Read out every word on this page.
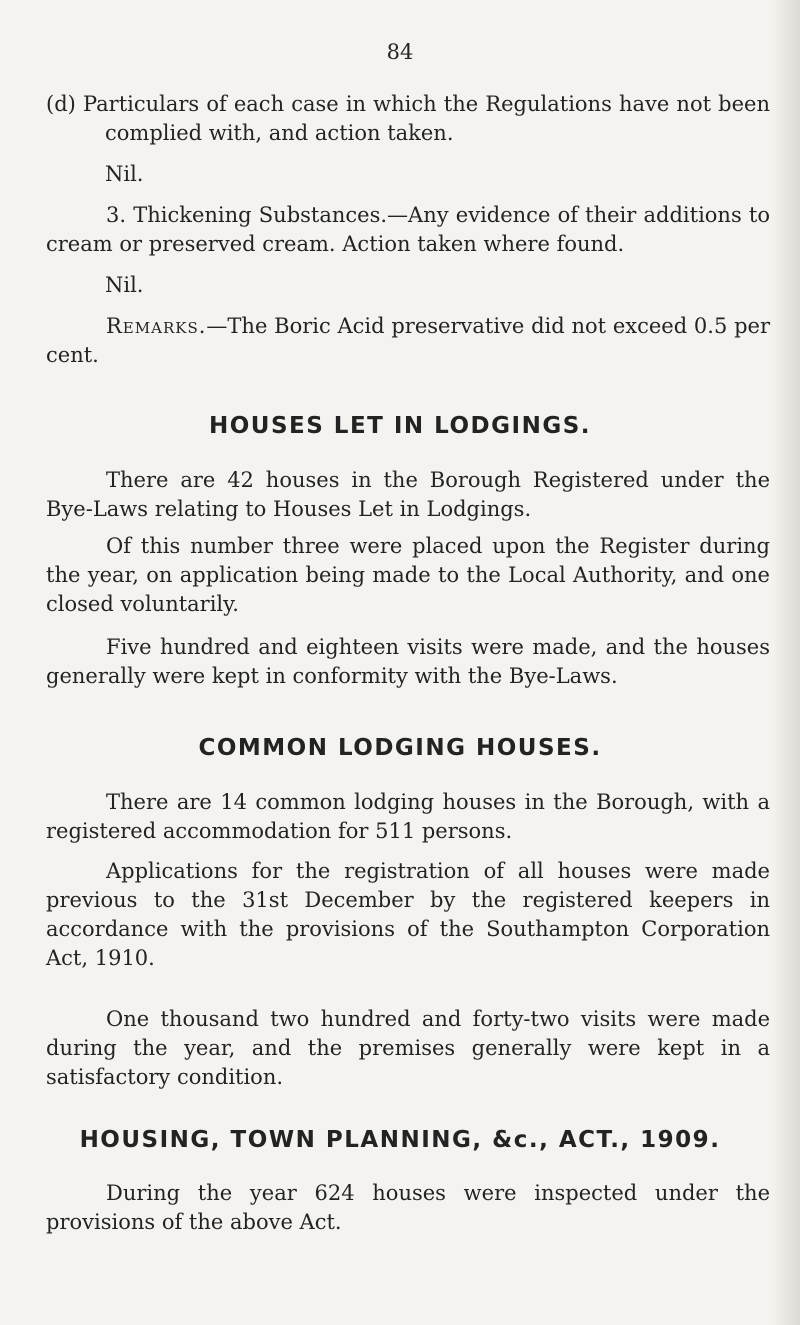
84

(d) Particulars of each case in which the Regulations have not been complied with, and action taken.

Nil.

3. Thickening Substances.—Any evidence of their additions to cream or preserved cream. Action taken where found.

Nil.

Remarks.—The Boric Acid preservative did not exceed 0.5 per cent.

HOUSES LET IN LODGINGS.

There are 42 houses in the Borough Registered under the Bye-Laws relating to Houses Let in Lodgings.

Of this number three were placed upon the Register during the year, on application being made to the Local Authority, and one closed voluntarily.

Five hundred and eighteen visits were made, and the houses generally were kept in conformity with the Bye-Laws.

COMMON LODGING HOUSES.

There are 14 common lodging houses in the Borough, with a registered accommodation for 511 persons.

Applications for the registration of all houses were made previous to the 31st December by the registered keepers in accordance with the provisions of the Southampton Corporation Act, 1910.

One thousand two hundred and forty-two visits were made during the year, and the premises generally were kept in a satisfactory condition.

HOUSING, TOWN PLANNING, &c., ACT., 1909.

During the year 624 houses were inspected under the provisions of the above Act.
